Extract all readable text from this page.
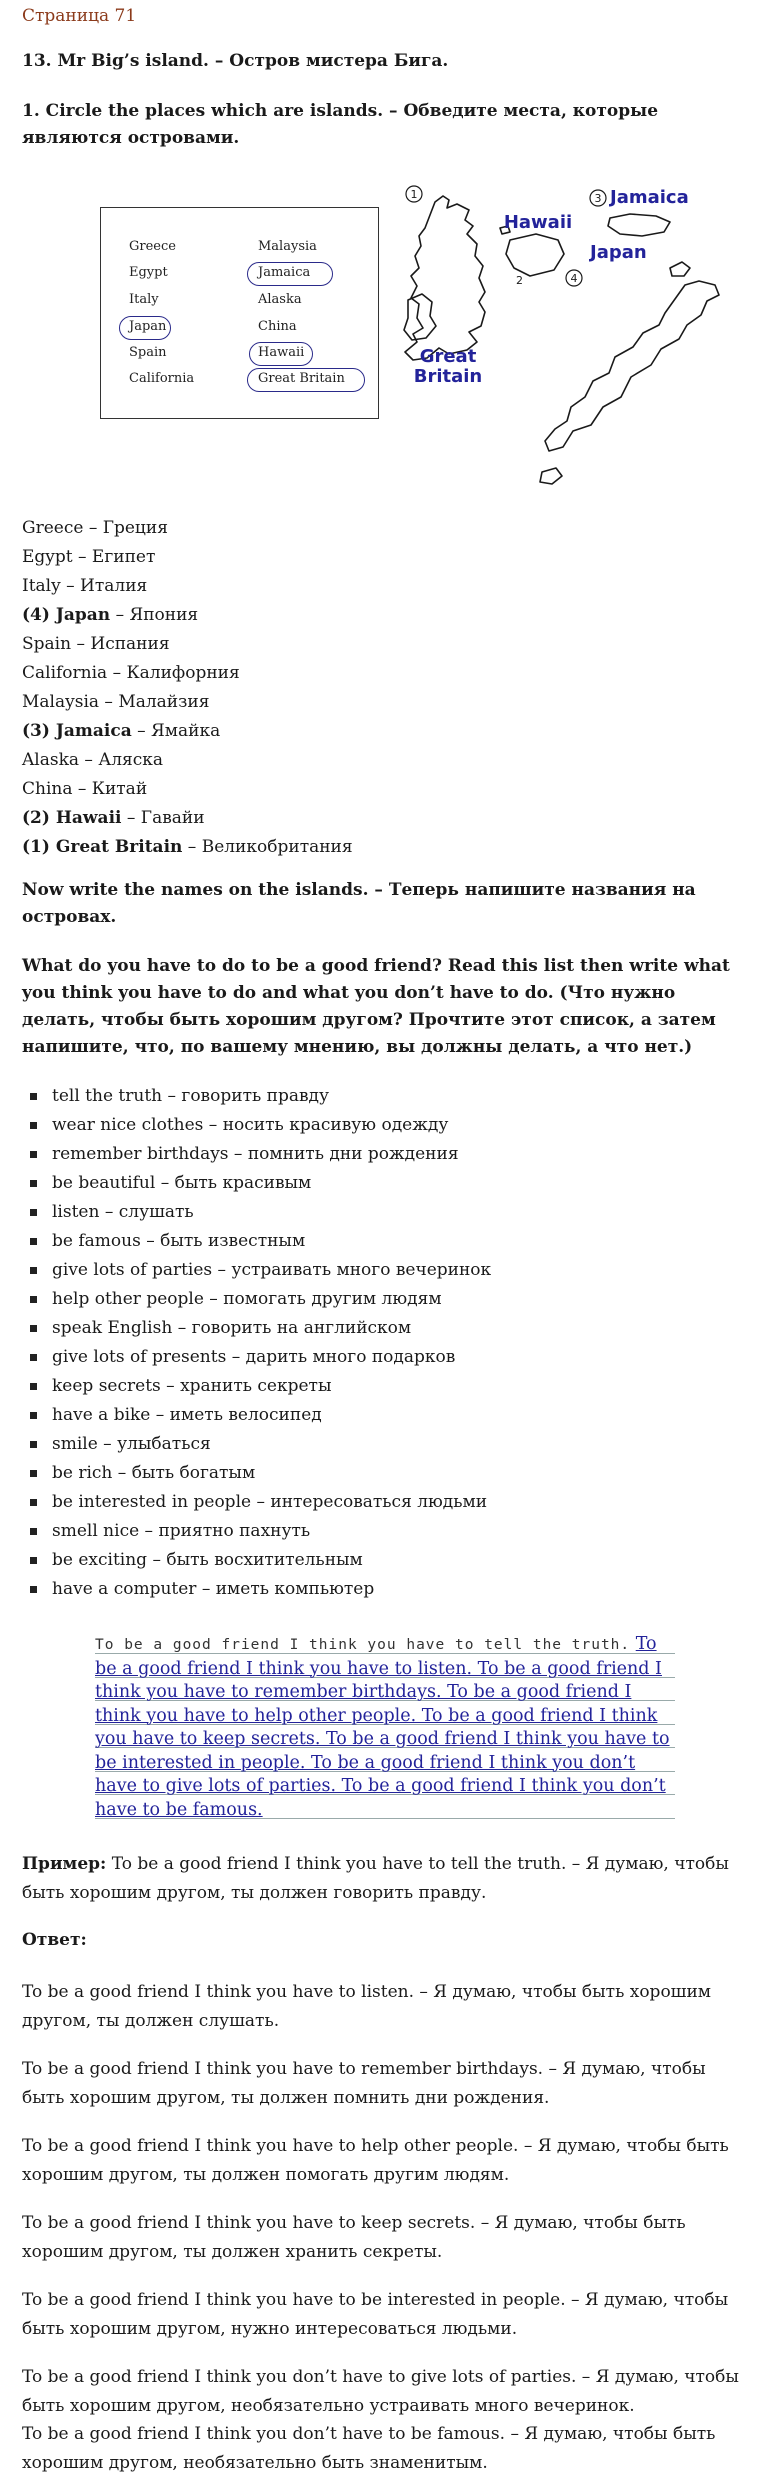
Страница 71
13. Mr Big’s island. – Остров мистера Бига.
1. Circle the places which are islands. – Обведите места, которые являются островами.
Greece
Egypt
Italy
Japan
Spain
California
Malaysia
Jamaica
Alaska
China
Hawaii
Great Britain
1	3
4
2
Hawaii
Jamaica
Japan
Great
Britain
Greece – Греция
Egypt – Египет
Italy – Италия
(4) Japan – Япония
Spain – Испания
California – Калифорния
Malaysia – Малайзия
(3) Jamaica – Ямайка
Alaska – Аляска
China – Китай
(2) Hawaii – Гавайи
(1) Great Britain – Великобритания
Now write the names on the islands. – Теперь напишите названия на островах.
What do you have to do to be a good friend? Read this list then write what you think you have to do and what you don’t have to do. (Что нужно делать, чтобы быть хорошим другом? Прочтите этот список, а затем напишите, что, по вашему мнению, вы должны делать, а что нет.)
tell the truth – говорить правду
wear nice clothes – носить красивую одежду
remember birthdays – помнить дни рождения
be beautiful – быть красивым
listen – слушать
be famous – быть известным
give lots of parties – устраивать много вечеринок
help other people – помогать другим людям
speak English – говорить на английском
give lots of presents – дарить много подарков
keep secrets – хранить секреты
have a bike – иметь велосипед
smile – улыбаться
be rich – быть богатым
be interested in people – интересоваться людьми
smell nice – приятно пахнуть
be exciting – быть восхитительным
have a computer – иметь компьютер
To be a good friend I think you have to tell the truth. To be a good friend I think you have to listen. To be a good friend I think you have to remember birthdays. To be a good friend I think you have to help other people. To be a good friend I think you have to keep secrets. To be a good friend I think you have to be interested in people. To be a good friend I think you don’t have to give lots of parties. To be a good friend I think you don’t have to be famous.
Пример: To be a good friend I think you have to tell the truth. – Я думаю, чтобы быть хорошим другом, ты должен говорить правду.
Ответ:
To be a good friend I think you have to listen. – Я думаю, чтобы быть хорошим другом, ты должен слушать.
To be a good friend I think you have to remember birthdays. – Я думаю, чтобы быть хорошим другом, ты должен помнить дни рождения.
To be a good friend I think you have to help other people. – Я думаю, чтобы быть хорошим другом, ты должен помогать другим людям.
To be a good friend I think you have to keep secrets. – Я думаю, чтобы быть хорошим другом, ты должен хранить секреты.
To be a good friend I think you have to be interested in people. – Я думаю, чтобы быть хорошим другом, нужно интересоваться людьми.
To be a good friend I think you don’t have to give lots of parties. – Я думаю, чтобы быть хорошим другом, необязательно устраивать много вечеринок.
To be a good friend I think you don’t have to be famous. – Я думаю, чтобы быть хорошим другом, необязательно быть знаменитым.
